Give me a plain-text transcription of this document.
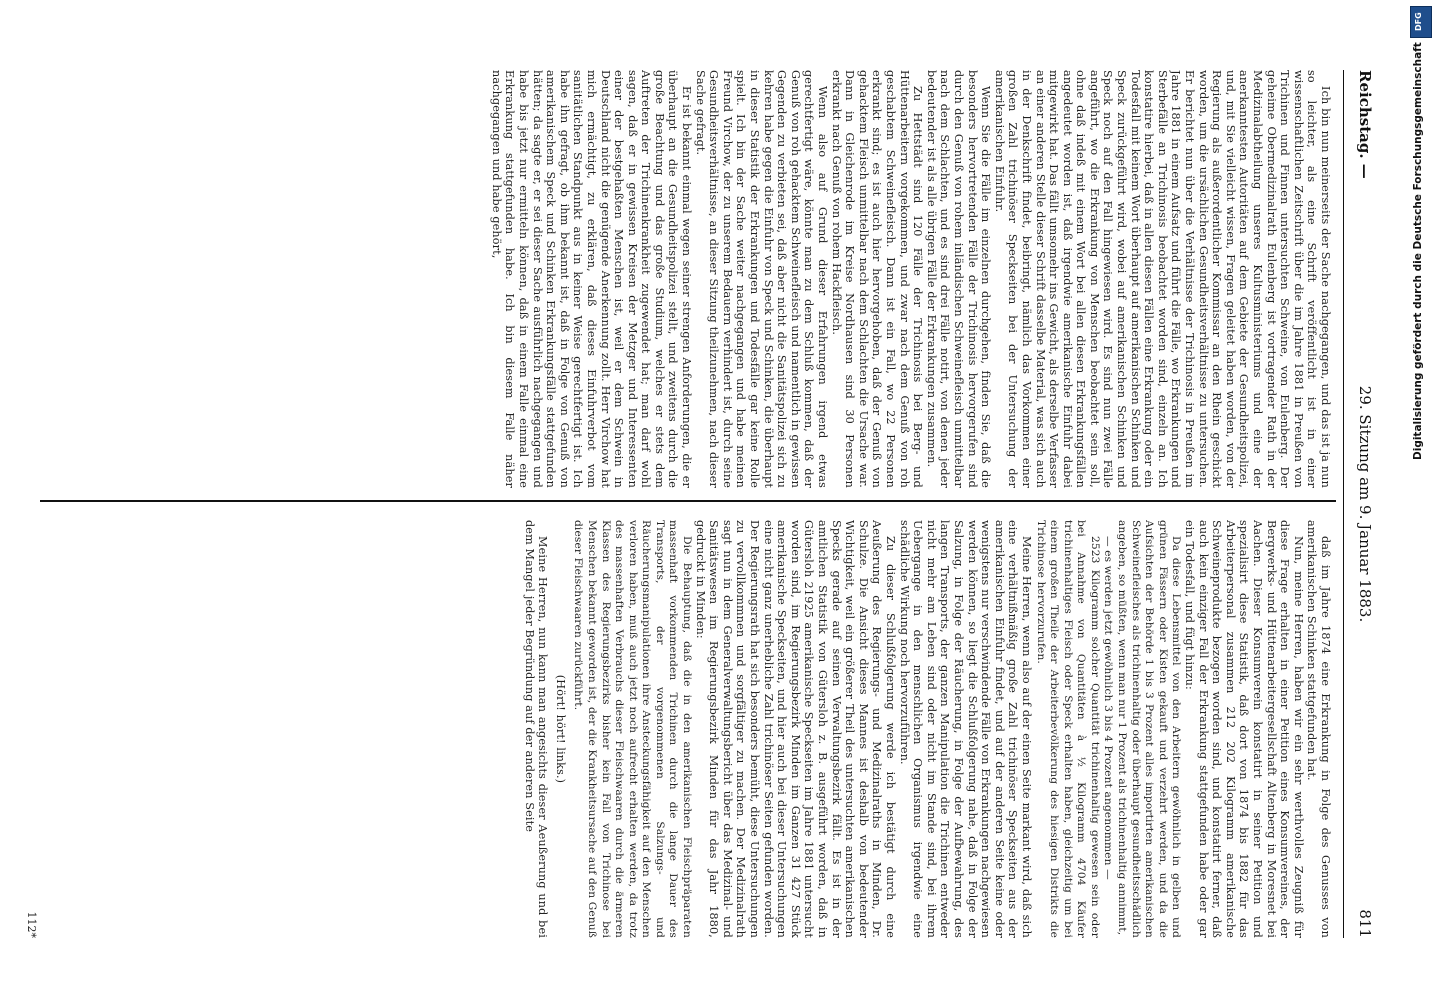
Reichstag. —
29. Sitzung am 9. Januar 1883.
811

Ich bin nun meinerseits der Sache nachgegangen, und das ist ja nun so leichter, als eine Schrift veröffentlicht ist in einer wissenschaftlichen Zeitschrift über die im Jahre 1881 in Preußen von Trichinen und Finnen untersuchten Schweine, von Eulenberg. Der geheime Obermedizinalrath Eulenberg ist vortragender Rath in der Medizinalabtheilung unseres Kultusministeriums und eine der anerkanntesten Autoritäten auf dem Gebiete der Gesundheitspolizei, und, mit Sie vielleicht wissen, Fragen geleitet haben worden, von der Regierung als außerordentlicher Kommissar an den Rhein geschickt worden, um die ursächlichen Gesundheitsverhältnisse zu untersuchen. Er berichtet nun über die Verhältnisse der Trichinosis in Preußen im Jahre 1881 in einem Aufsatz und führt die Fälle, wo Erkrankungen und Sterbefälle an Trichinosis beobachtet worden sind, einzeln an. Ich konstatire hierbei, daß in allen diesen Fällen eine Erkrankung oder ein Todesfall mit keinem Wort überhaupt auf amerikanischen Schinken und Speck zurückgeführt wird, wobei auf amerikanischen Schinken und Speck noch auf den Fall hingewiesen wird. Es sind nun zwei Fälle angeführt, wo die Erkrankung von Menschen beobachtet sein soll, ohne daß indeß mit einem Wort bei allen diesen Erkrankungsfällen angedeutet worden ist, daß irgendwie amerikanische Einfuhr dabei mitgewirkt hat. Das fällt umsomehr ins Gewicht, als derselbe Verfasser an einer anderen Stelle dieser Schrift dasselbe Material, was sich auch in der Denkschrift findet, beibringt, nämlich das Vorkommen einer großen Zahl trichinöser Speckseiten bei der Untersuchung der amerikanischen Einfuhr.

Wenn Sie die Fälle im einzelnen durchgehen, finden Sie, daß die besonders hervortretenden Fälle der Trichinosis hervorgerufen sind durch den Genuß von rohem inländischen Schweinefleisch unmittelbar nach dem Schlachten, und es sind drei Fälle notirt, von denen jeder bedeutender ist als alle übrigen Fälle der Erkrankungen zusammen.

Zu Hettstädt sind 120 Fälle der Trichinosis bei Berg- und Hüttenarbeitern vorgekommen, und zwar nach dem Genuß von roh geschabtem Schweinefleisch. Dann ist ein Fall, wo 22 Personen erkrankt sind; es ist auch hier hervorgehoben, daß der Genuß von gehacktem Fleisch unmittelbar nach dem Schlachten die Ursache war. Dann in Gleichenrode im Kreise Nordhausen sind 30 Personen erkrankt nach Genuß von rohem Hackfleisch.

Wenn also auf Grund dieser Erfahrungen irgend etwas gerechtfertigt wäre, könnte man zu dem Schluß kommen, daß der Genuß von roh gehacktem Schweinefleisch und namentlich in gewissen Gegenden zu verbieten sei, daß aber nicht die Sanitätspolizei sich zu kehren habe gegen die Einfuhr von Speck und Schinken, die überhaupt in dieser Statistik der Erkrankungen und Todesfälle gar keine Rolle spielt. Ich bin der Sache weiter nachgegangen und habe meinen Freund Virchow, der zu unserem Bedauern verhindert ist, durch seine Gesundheitsverhältnisse, an dieser Sitzung theilzunehmen, nach dieser Sache gefragt.

Er ist bekannt einmal wegen seiner strengen Anforderungen, die er überhaupt an die Gesundheitspolizei stellt, und zweitens durch die große Beachtung und das große Studium, welches er stets dem Auftreten der Trichinenkrankheit zugewendet hat; man darf wohl sagen, daß er in gewissen Kreisen der Metzger und Interessenten einer der bestgehaßten Menschen ist, weil er dem Schwein in Deutschland nicht die genügende Anerkennung zollt. Herr Virchow hat mich ermächtigt, zu erklären, daß dieses Einfuhrverbot vom sanitätlichen Standpunkt aus in keiner Weise gerechtfertigt ist. Ich habe ihn gefragt, ob ihm bekannt ist, daß in Folge von Genuß von amerikanischem Speck und Schinken Erkrankungsfälle stattgefunden hätten; da sagte er, er sei dieser Sache ausführlich nachgegangen und habe bis jetzt nur ermitteln können, daß in einem Falle einmal eine Erkrankung stattgefunden habe. Ich bin diesem Falle näher nachgegangen und habe gehört,

daß im Jahre 1874 eine Erkrankung in Folge des Genusses von amerikanischen Schinken stattgefunden hat.

Nun, meine Herren, haben wir ein sehr werthvolles Zeugniß für diese Frage erhalten in einer Petition eines Konsumvereines, der Bergwerks- und Hüttenarbeitergesellschaft Altenberg in Moresnet bei Aachen. Dieser Konsumverein konstatirt in seiner Petition und spezialisirt diese Statistik, daß dort von 1874 bis 1882 für das Arbeiterpersonal zusammen 212 202 Kilogramm amerikanische Schweineprodukte bezogen worden sind, und konstatirt ferner, daß auch kein einziger Fall der Erkrankung stattgefunden habe oder gar ein Todesfall, und fügt hinzu:

Da diese Lebensmittel von den Arbeitern gewöhnlich in gelben und grünen Fässern oder Kisten gekauft und verzehrt werden, und da die Aufsichten der Behörde 1 bis 3 Prozent alles importirten amerikanischen Schweinefleisches als trichinenhaltig oder überhaupt gesundheitsschädlich angeben, so müßten, wenn man nur 1 Prozent als trichinenhaltig annimmt,

— es werden jetzt gewöhnlich 3 bis 4 Prozent angenommen —

2523 Kilogramm solcher Quantität trichinenhaltig gewesen sein oder bei Annahme von Quantitäten à ½ Kilogramm 4704 Käufer trichinenhaltiges Fleisch oder Speck erhalten haben, gleichzeitig um bei einem großen Theile der Arbeiterbevölkerung des hiesigen Distrikts die Trichinose hervorzurufen.

Meine Herren, wenn also auf der einen Seite markant wird, daß sich eine verhältnißmäßig große Zahl trichinöser Speckseiten aus der amerikanischen Einfuhr findet, und auf der anderen Seite keine oder wenigstens nur verschwindende Fälle von Erkrankungen nachgewiesen werden können, so liegt die Schlußfolgerung nahe, daß in Folge der Salzung, in Folge der Räucherung, in Folge der Aufbewahrung, des langen Transports, der ganzen Manipulation die Trichinen entweder nicht mehr am Leben sind oder nicht im Stande sind, bei ihrem Uebergange in den menschlichen Organismus irgendwie eine schädliche Wirkung noch hervorzuführen.

Zu dieser Schlußfolgerung werde ich bestätigt durch eine Aeußerung des Regierungs- und Medizinalraths in Minden, Dr. Schulze. Die Ansicht dieses Mannes ist deshalb von bedeutender Wichtigkeit, weil ein größerer Theil des untersuchten amerikanischen Specks gerade auf seinen Verwaltungsbezirk fällt. Es ist in der amtlichen Statistik von Gütersloh z. B. ausgeführt worden, daß in Gütersloh 21925 amerikanische Speckseiten im Jahre 1881 untersucht worden sind, im Regierungsbezirk Minden im Ganzen 31 427 Stück amerikanische Speckseiten, und hier auch bei dieser Untersuchungen eine nicht ganz unerhebliche Zahl trichinöser Seiten gefunden worden. Der Regierungsrath hat sich besonders bemüht, diese Untersuchungen zu vervollkommnen und sorgfältiger zu machen. Der Medizinalrath sagt nun in dem Generalverwaltungsbericht über das Medizinal- und Sanitätswesen im Regierungsbezirk Minden für das Jahr 1880, gedruckt in Minden:

Die Behauptung, daß die in den amerikanischen Fleischpräparaten massenhaft vorkommenden Trichinen durch die lange Dauer des Transports, der vorgenommenen Salzungs- und Räucherungsmanipulationen ihre Ansteckungsfähigkeit auf den Menschen verloren haben, muß auch jetzt noch aufrecht erhalten werden, da trotz des massenhaften Verbrauchs dieser Fleischwaaren durch die ärmeren Klassen des Regierungsbezirks bisher kein Fall von Trichinose bei Menschen bekannt geworden ist, der die Krankheitsursache auf den Genuß dieser Fleischwaaren zurückführt.

(Hört! hört! links.)

Meine Herren, nun kann man angesichts dieser Aeußerung und bei dem Mangel jeder Begründung auf der anderen Seite

112*
DFG
Digitalisierung gefördert durch die Deutsche Forschungsgemeinschaft
